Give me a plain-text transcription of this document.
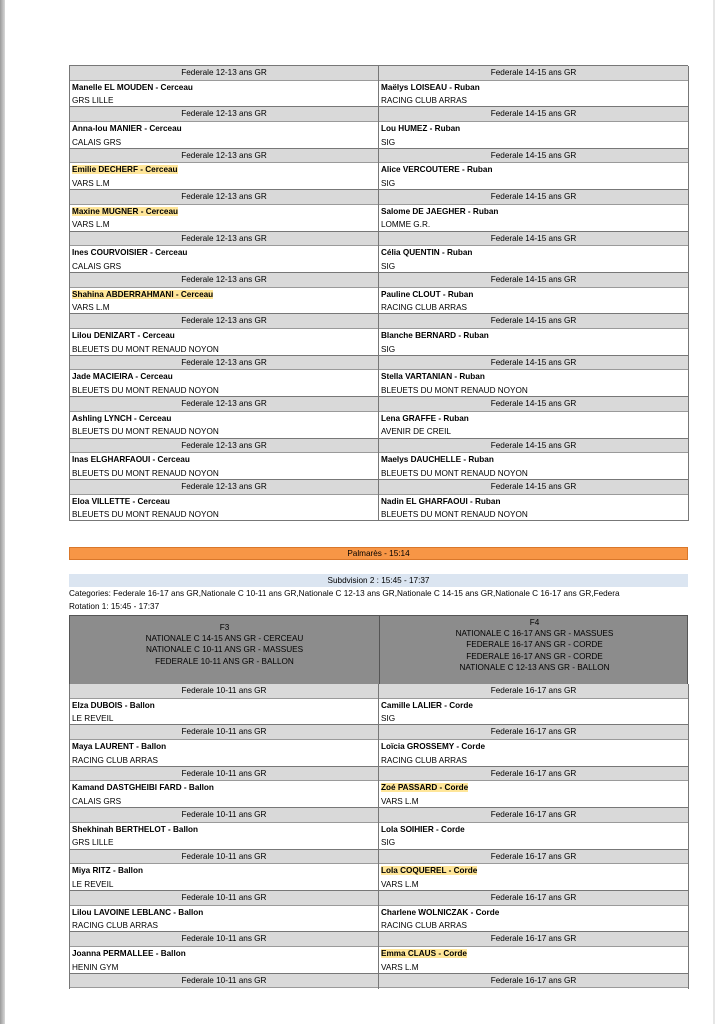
Federale 12-13 ans GR
Manelle EL MOUDEN - Cerceau
GRS LILLE
Federale 14-15 ans GR
Maëlys LOISEAU - Ruban
RACING CLUB ARRAS
Federale 12-13 ans GR
Anna-lou MANIER - Cerceau
CALAIS GRS
Federale 14-15 ans GR
Lou HUMEZ - Ruban
SIG
Federale 12-13 ans GR
Emilie DECHERF - Cerceau
VARS L.M
Federale 14-15 ans GR
Alice VERCOUTERE - Ruban
SIG
Federale 12-13 ans GR
Maxine MUGNER - Cerceau
VARS L.M
Federale 14-15 ans GR
Salome DE JAEGHER - Ruban
LOMME G.R.
Federale 12-13 ans GR
Ines COURVOISIER - Cerceau
CALAIS GRS
Federale 14-15 ans GR
Célia QUENTIN - Ruban
SIG
Federale 12-13 ans GR
Shahina ABDERRAHMANI - Cerceau
VARS L.M
Federale 14-15 ans GR
Pauline CLOUT - Ruban
RACING CLUB ARRAS
Federale 12-13 ans GR
Lilou DENIZART - Cerceau
BLEUETS DU MONT RENAUD NOYON
Federale 14-15 ans GR
Blanche BERNARD - Ruban
SIG
Federale 12-13 ans GR
Jade MACIEIRA - Cerceau
BLEUETS DU MONT RENAUD NOYON
Federale 14-15 ans GR
Stella VARTANIAN - Ruban
BLEUETS DU MONT RENAUD NOYON
Federale 12-13 ans GR
Ashling LYNCH - Cerceau
BLEUETS DU MONT RENAUD NOYON
Federale 14-15 ans GR
Lena GRAFFE - Ruban
AVENIR DE CREIL
Federale 12-13 ans GR
Inas ELGHARFAOUI - Cerceau
BLEUETS DU MONT RENAUD NOYON
Federale 14-15 ans GR
Maelys DAUCHELLE - Ruban
BLEUETS DU MONT RENAUD NOYON
Federale 12-13 ans GR
Eloa VILLETTE - Cerceau
BLEUETS DU MONT RENAUD NOYON
Federale 14-15 ans GR
Nadin EL GHARFAOUI - Ruban
BLEUETS DU MONT RENAUD NOYON
Palmarès - 15:14
Subdvision 2 : 15:45 - 17:37
Categories: Federale 16-17 ans GR,Nationale C 10-11 ans GR,Nationale C 12-13 ans GR,Nationale C 14-15 ans GR,Nationale C 16-17 ans GR,Federa
Rotation 1: 15:45 - 17:37
F3
NATIONALE C 14-15 ANS GR - CERCEAU
NATIONALE C 10-11 ANS GR - MASSUES
FEDERALE 10-11 ANS GR - BALLON
F4
NATIONALE C 16-17 ANS GR - MASSUES
FEDERALE 16-17 ANS GR - CORDE
FEDERALE 16-17 ANS GR - CORDE
NATIONALE C 12-13 ANS GR - BALLON
Federale 10-11 ans GR
Elza DUBOIS - Ballon
LE REVEIL
Federale 16-17 ans GR
Camille LALIER - Corde
SIG
Federale 10-11 ans GR
Maya LAURENT - Ballon
RACING CLUB ARRAS
Federale 16-17 ans GR
Loïcia GROSSEMY - Corde
RACING CLUB ARRAS
Federale 10-11 ans GR
Kamand DASTGHEIBI FARD - Ballon
CALAIS GRS
Federale 16-17 ans GR
Zoé PASSARD - Corde
VARS L.M
Federale 10-11 ans GR
Shekhinah BERTHELOT - Ballon
GRS LILLE
Federale 16-17 ans GR
Lola SOIHIER - Corde
SIG
Federale 10-11 ans GR
Miya RITZ - Ballon
LE REVEIL
Federale 16-17 ans GR
Lola COQUEREL - Corde
VARS L.M
Federale 10-11 ans GR
Lilou LAVOINE LEBLANC - Ballon
RACING CLUB ARRAS
Federale 16-17 ans GR
Charlene WOLNICZAK - Corde
RACING CLUB ARRAS
Federale 10-11 ans GR
Joanna PERMALLEE - Ballon
HENIN GYM
Federale 16-17 ans GR
Emma CLAUS - Corde
VARS L.M
Federale 10-11 ans GR	Federale 16-17 ans GR
